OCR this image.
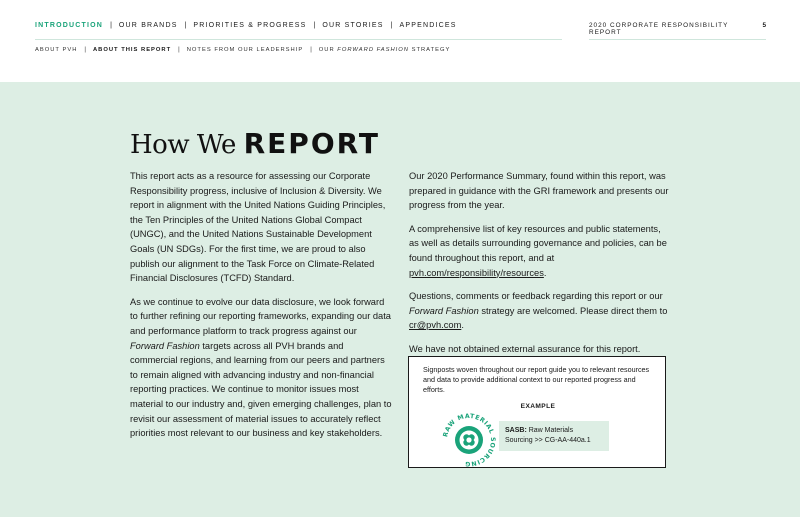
INTRODUCTION | OUR BRANDS | PRIORITIES & PROGRESS | OUR STORIES | APPENDICES	2020 CORPORATE RESPONSIBILITY REPORT
5
ABOUT PVH | ABOUT THIS REPORT | NOTES FROM OUR LEADERSHIP | OUR FORWARD FASHION STRATEGY
How We REPORT

This report acts as a resource for assessing our Corporate Responsibility progress, inclusive of Inclusion & Diversity. We report in alignment with the United Nations Guiding Principles, the Ten Principles of the United Nations Global Compact (UNGC), and the United Nations Sustainable Development Goals (UN SDGs). For the first time, we are proud to also publish our alignment to the Task Force on Climate-Related Financial Disclosures (TCFD) Standard.

As we continue to evolve our data disclosure, we look forward to further refining our reporting frameworks, expanding our data and performance platform to track progress against our Forward Fashion targets across all PVH brands and commercial regions, and learning from our peers and partners to remain aligned with advancing industry and non-financial reporting practices. We continue to monitor issues most material to our industry and, given emerging challenges, plan to revisit our assessment of material issues to accurately reflect priorities most relevant to our business and key stakeholders.

Our 2020 Performance Summary, found within this report, was prepared in guidance with the GRI framework and presents our progress from the year.

A comprehensive list of key resources and public statements, as well as details surrounding governance and policies, can be found throughout this report, and at pvh.com/responsibility/resources.

Questions, comments or feedback regarding this report or our Forward Fashion strategy are welcomed. Please direct them to cr@pvh.com.

We have not obtained external assurance for this report.

Signposts woven throughout our report guide you to relevant resources and data to provide additional context to our reported progress and efforts.
EXAMPLE
RAW MATERIAL SOURCING
SASB: Raw Materials
Sourcing >> CG-AA-440a.1
